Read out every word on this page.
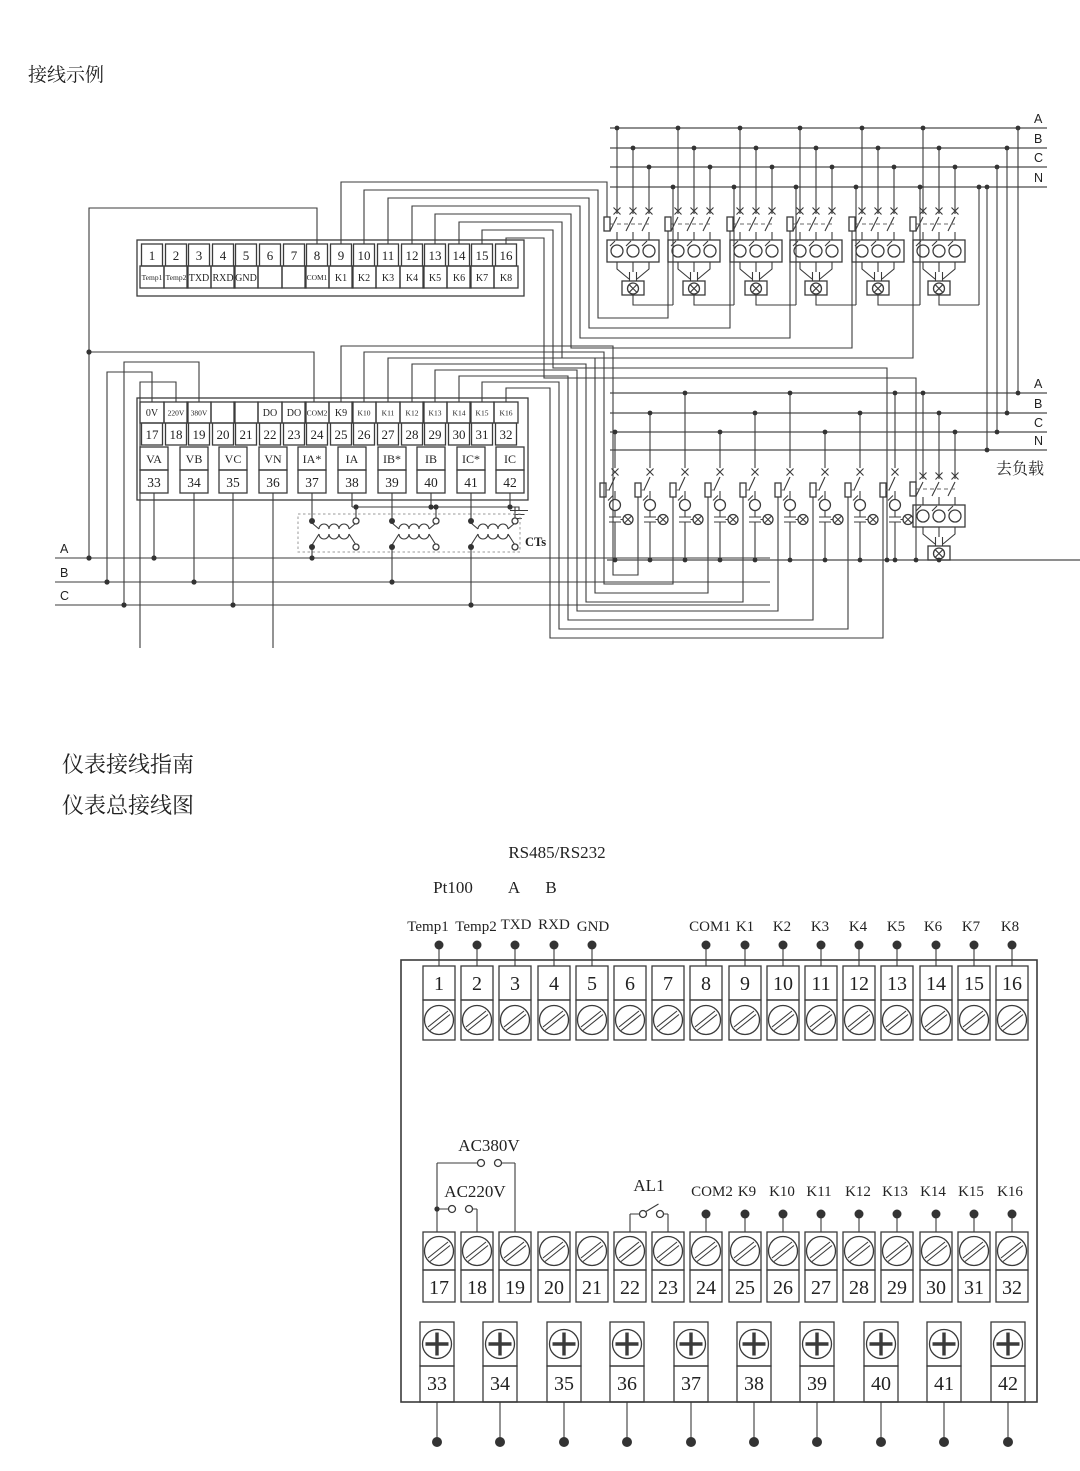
接线示例
1 2 3 4 5 6 7 8 9 10 11 12 13 14 15 16
Temp1 Temp2 TXD RXD GND	COM1 K1 K2 K3 K4 K5 K6 K7 K8
0V 220V 380V	DO DO COM2 K9 K10 K11 K12 K13 K14 K15 K16
17 18 19 20 21 22 23 24 25 26 27 28 29 30 31 32
VA VB VC VN IA* IA IB* IB IC* IC
33 34 35 36 37 38 39 40 41 42
CTs
A
B
C
A
B
C
N
A
B
C
N
去负载
仪表接线指南
仪表总接线图
RS485/RS232
Pt100 A B
Temp1 Temp2 TXD RXD GND	COM1 K1 K2 K3 K4 K5 K6 K7 K8
1 2 3 4 5 6 7 8 9 10 11 12 13 14 15 16
AC380V
AC220V	AL1 COM2 K9 K10 K11 K12 K13 K14 K15 K16
17 18 19 20 21 22 23 24 25 26 27 28 29 30 31 32
33 34 35 36 37 38 39 40 41 42
